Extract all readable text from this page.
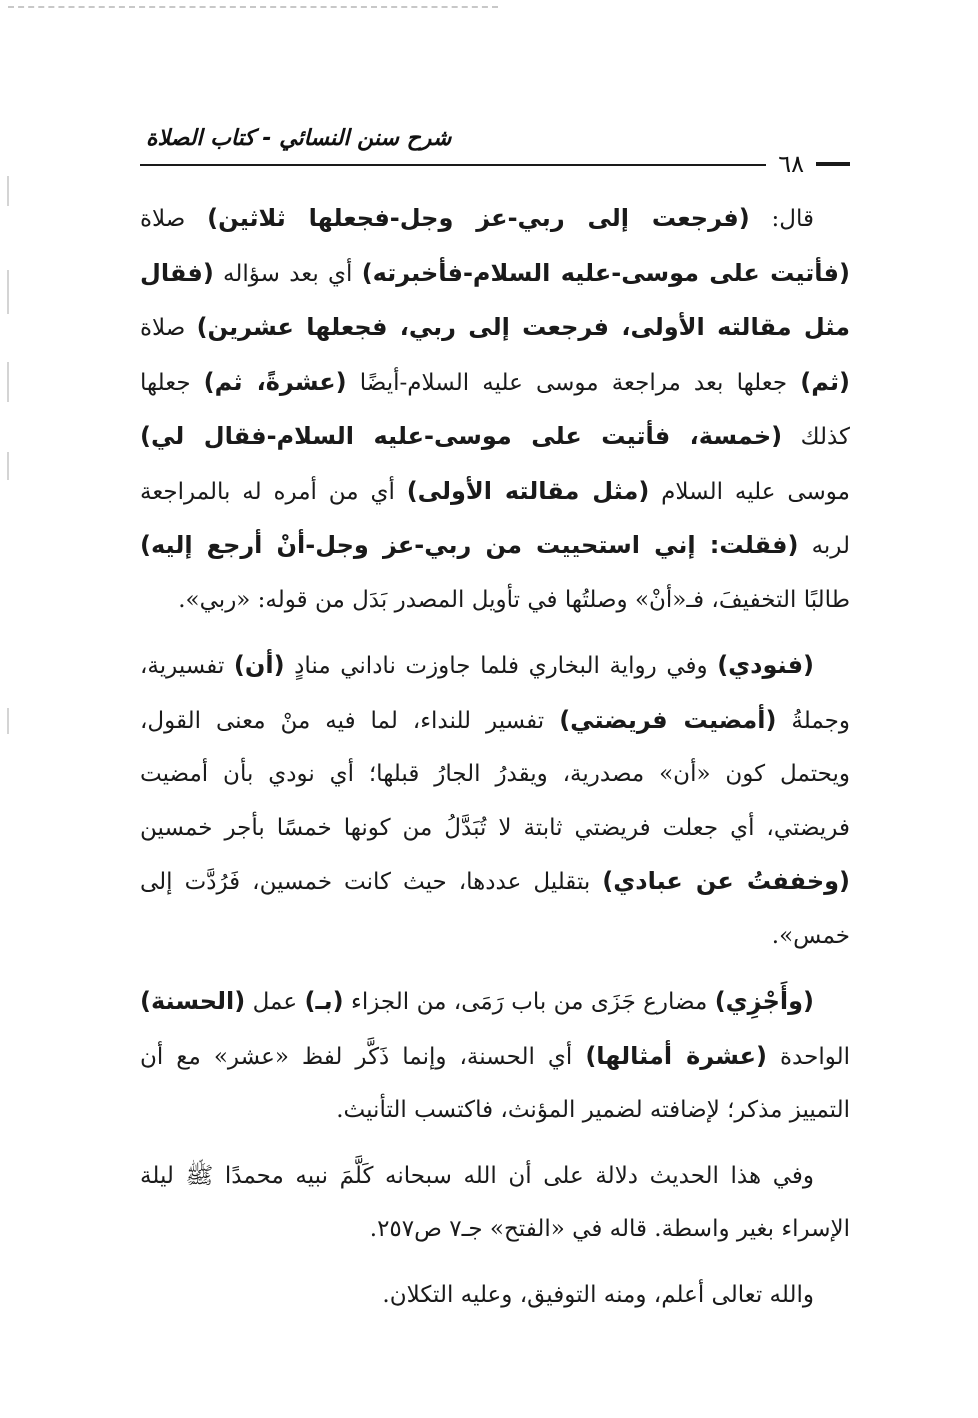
شرح سنن النسائي - كتاب الصلاة
٦٨

قال: (فرجعت إلى ربي-عز وجل-فجعلها ثلاثين) صلاة (فأتيت على موسى-عليه السلام-فأخبرته) أي بعد سؤاله (فقال مثل مقالته الأولى، فرجعت إلى ربي، فجعلها عشرين) صلاة (ثم) جعلها بعد مراجعة موسى عليه السلام-أيضًا (عشرةً، ثم) جعلها كذلك (خمسة، فأتيت على موسى-عليه السلام-فقال لي) موسى عليه السلام (مثل مقالته الأولى) أي من أمره له بالمراجعة لربه (فقلت: إني استحييت من ربي-عز وجل-أنْ أرجع إليه) طالبًا التخفيفَ، فـ«أنْ» وصلتُها في تأويل المصدر بَدَل من قوله: «ربي».

(فنودي) وفي رواية البخاري فلما جاوزت ناداني منادٍ (أن) تفسيرية، وجملةُ (أمضيت فريضتي) تفسير للنداء، لما فيه منْ معنى القول، ويحتمل كون «أن» مصدرية، ويقدرُ الجارُ قبلها؛ أي نودي بأن أمضيت فريضتي، أي جعلت فريضتي ثابتة لا تُبَدَّلُ من كونها خمسًا بأجر خمسين (وخففتُ عن عبادي) بتقليل عددها، حيث كانت خمسين، فَرُدَّت إلى خمس».

(وأَجْزِي) مضارع جَزَى من باب رَمَى، من الجزاء (بـ) عمل (الحسنة) الواحدة (عشرة أمثالها) أي الحسنة، وإنما ذَكَّر لفظ «عشر» مع أن التمييز مذكر؛ لإضافته لضمير المؤنث، فاكتسب التأنيث.

وفي هذا الحديث دلالة على أن الله سبحانه كَلَّمَ نبيه محمدًا ﷺ ليلة الإسراء بغير واسطة. قاله في «الفتح» جـ٧ ص٢٥٧.

والله تعالى أعلم، ومنه التوفيق، وعليه التكلان.
